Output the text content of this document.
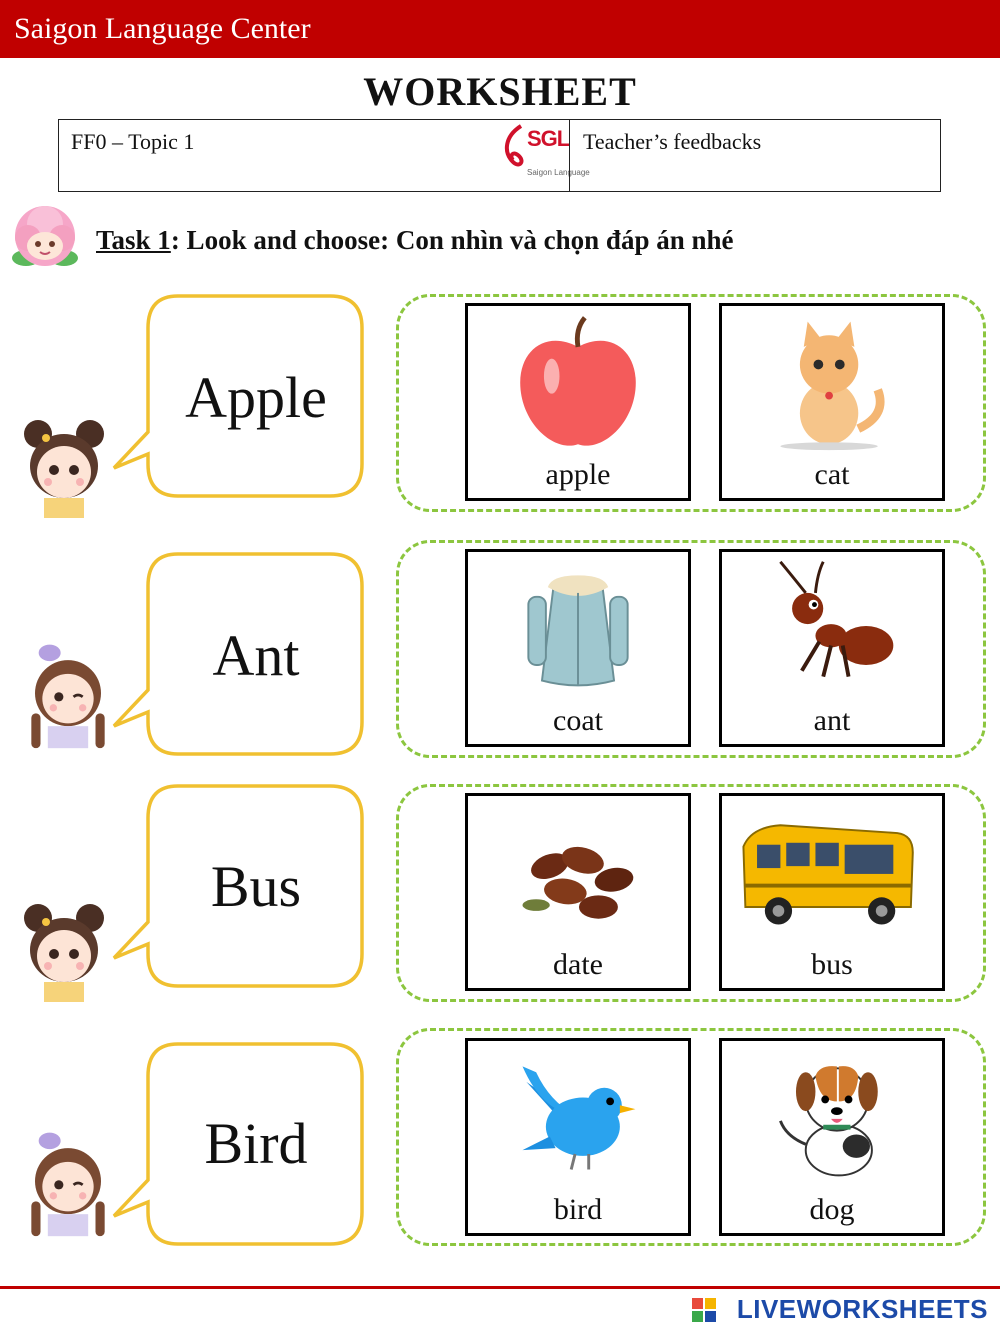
Saigon Language Center
WORKSHEET
FF0 – Topic 1	SGL
Saigon Language
Teacher’s feedbacks
Task 1: Look and choose: Con nhìn và chọn đáp án nhé
Apple
apple	cat
Ant
coat	ant
Bus
date	bus
Bird
bird	dog
LIVEWORKSHEETS
